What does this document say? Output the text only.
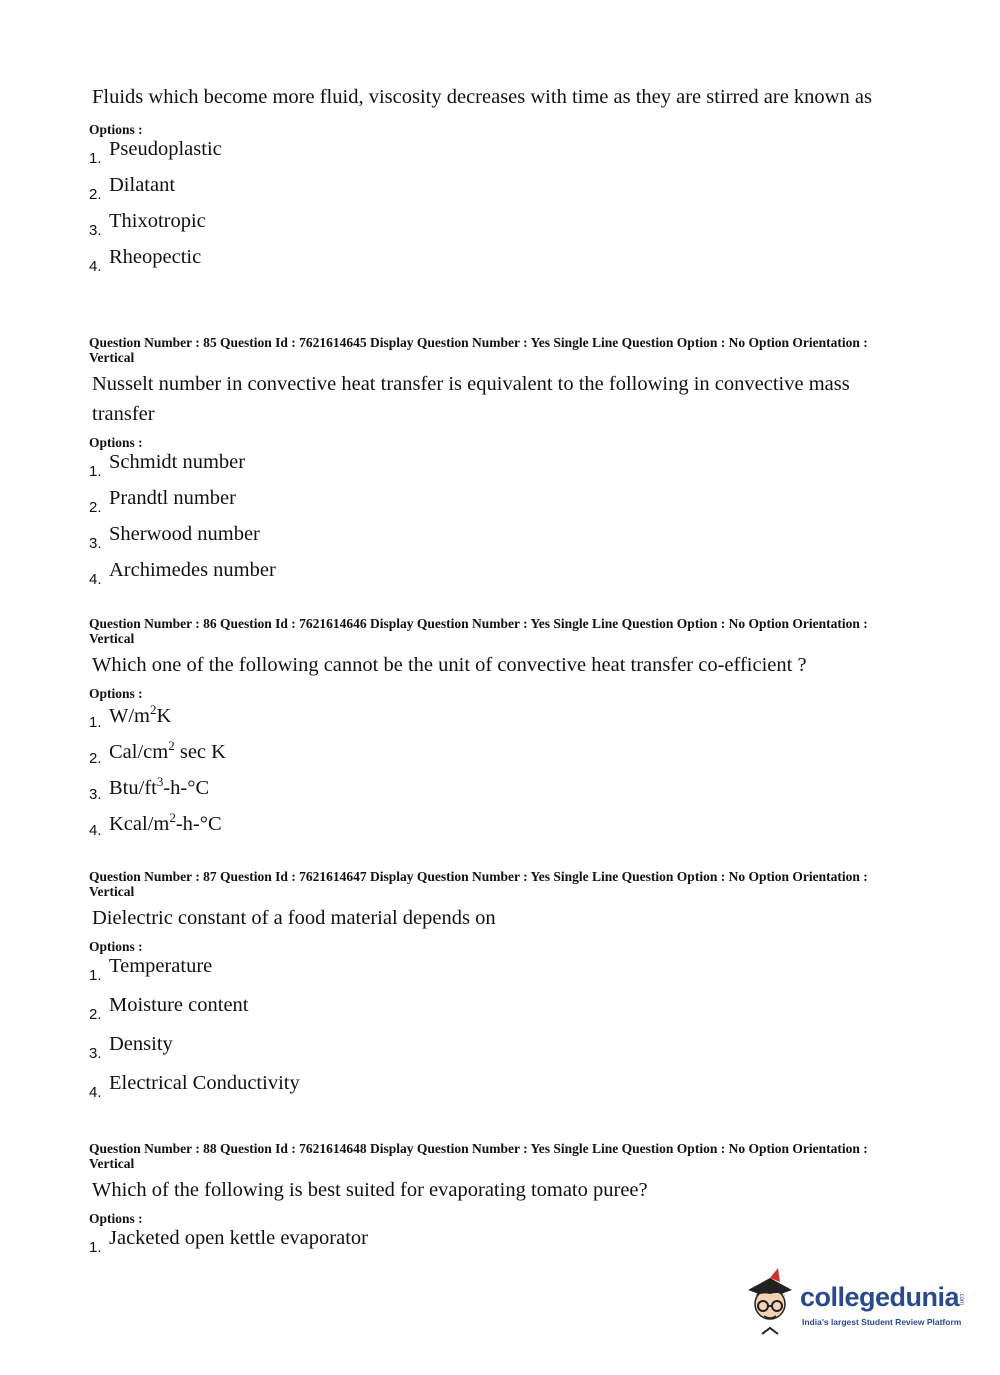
Fluids which become more fluid, viscosity decreases with time as they are stirred are known as
Options :
1. Pseudoplastic
2. Dilatant
3. Thixotropic
4. Rheopectic
Question Number : 85 Question Id : 7621614645 Display Question Number : Yes Single Line Question Option : No Option Orientation : Vertical
Nusselt number in convective heat transfer is equivalent to the following in convective mass transfer
Options :
1. Schmidt number
2. Prandtl number
3. Sherwood number
4. Archimedes number
Question Number : 86 Question Id : 7621614646 Display Question Number : Yes Single Line Question Option : No Option Orientation : Vertical
Which one of the following cannot be the unit of convective heat transfer co-efficient ?
Options :
1. $W/m^2K$
2. Cal/$cm^2$ sec K
3. Btu/$ft^3-h-^\circ C$
4. Kcal/$m^2-h-^\circ C$
Question Number : 87 Question Id : 7621614647 Display Question Number : Yes Single Line Question Option : No Option Orientation : Vertical
Dielectric constant of a food material depends on
Options :
1. Temperature
2. Moisture content
3. Density
4. Electrical Conductivity
Question Number : 88 Question Id : 7621614648 Display Question Number : Yes Single Line Question Option : No Option Orientation : Vertical
Which of the following is best suited for evaporating tomato puree?
Options :
1. Jacketed open kettle evaporator
collegedunia
.com
India's largest Student Review Platform
